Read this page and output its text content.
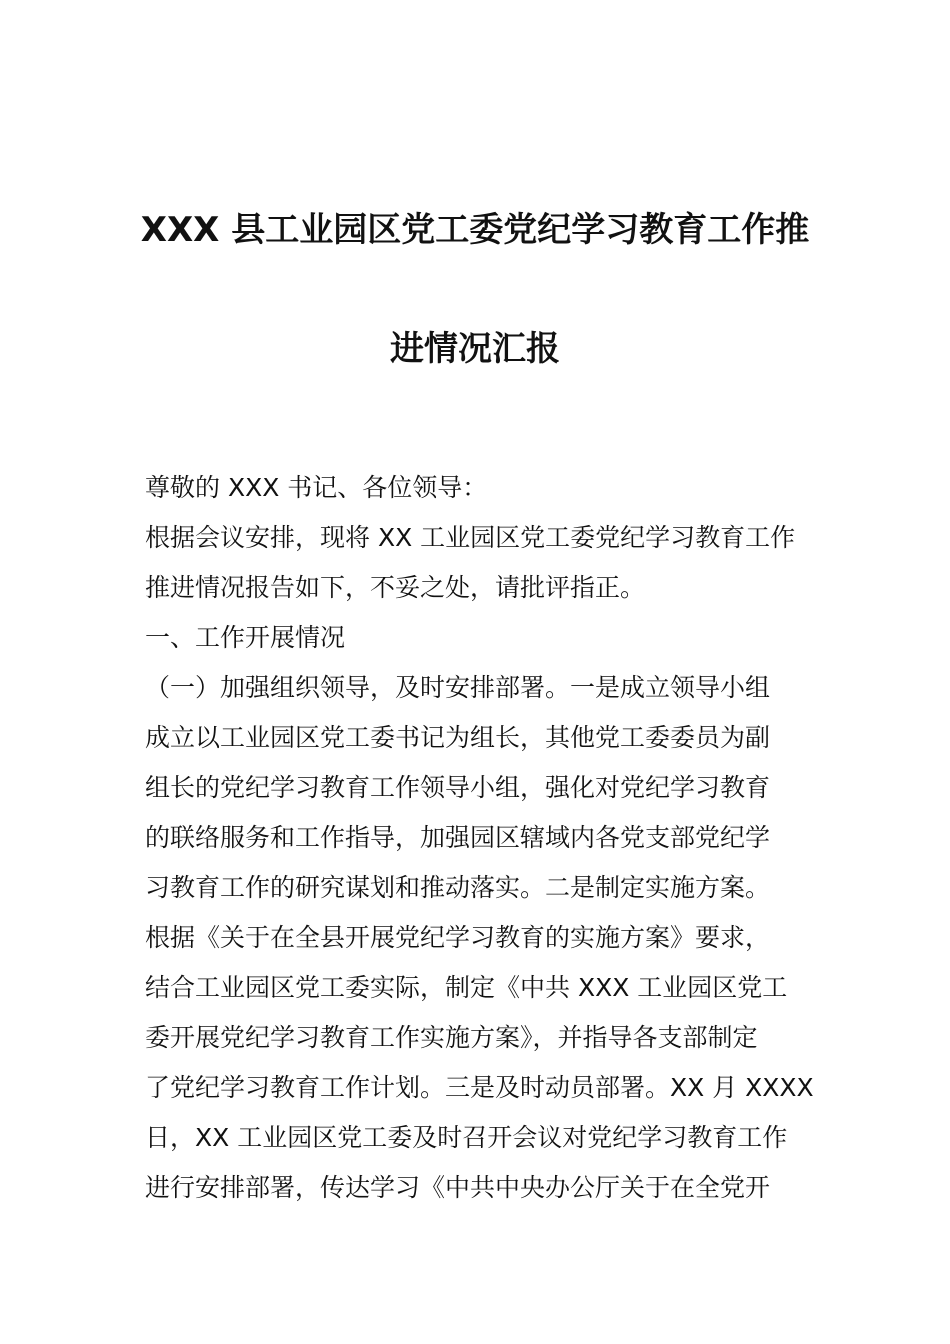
XXX 县工业园区党工委党纪学习教育工作推
进情况汇报
尊敬的 XXX 书记、各位领导：
根据会议安排，现将 XX 工业园区党工委党纪学习教育工作
推进情况报告如下，不妥之处，请批评指正。
一、工作开展情况
（一）加强组织领导，及时安排部署。一是成立领导小组
成立以工业园区党工委书记为组长，其他党工委委员为副
组长的党纪学习教育工作领导小组，强化对党纪学习教育
的联络服务和工作指导，加强园区辖域内各党支部党纪学
习教育工作的研究谋划和推动落实。二是制定实施方案。
根据《关于在全县开展党纪学习教育的实施方案》要求，
结合工业园区党工委实际，制定《中共 XXX 工业园区党工
委开展党纪学习教育工作实施方案》，并指导各支部制定
了党纪学习教育工作计划。三是及时动员部署。XX 月 XXXX
日，XX 工业园区党工委及时召开会议对党纪学习教育工作
进行安排部署，传达学习《中共中央办公厅关于在全党开
